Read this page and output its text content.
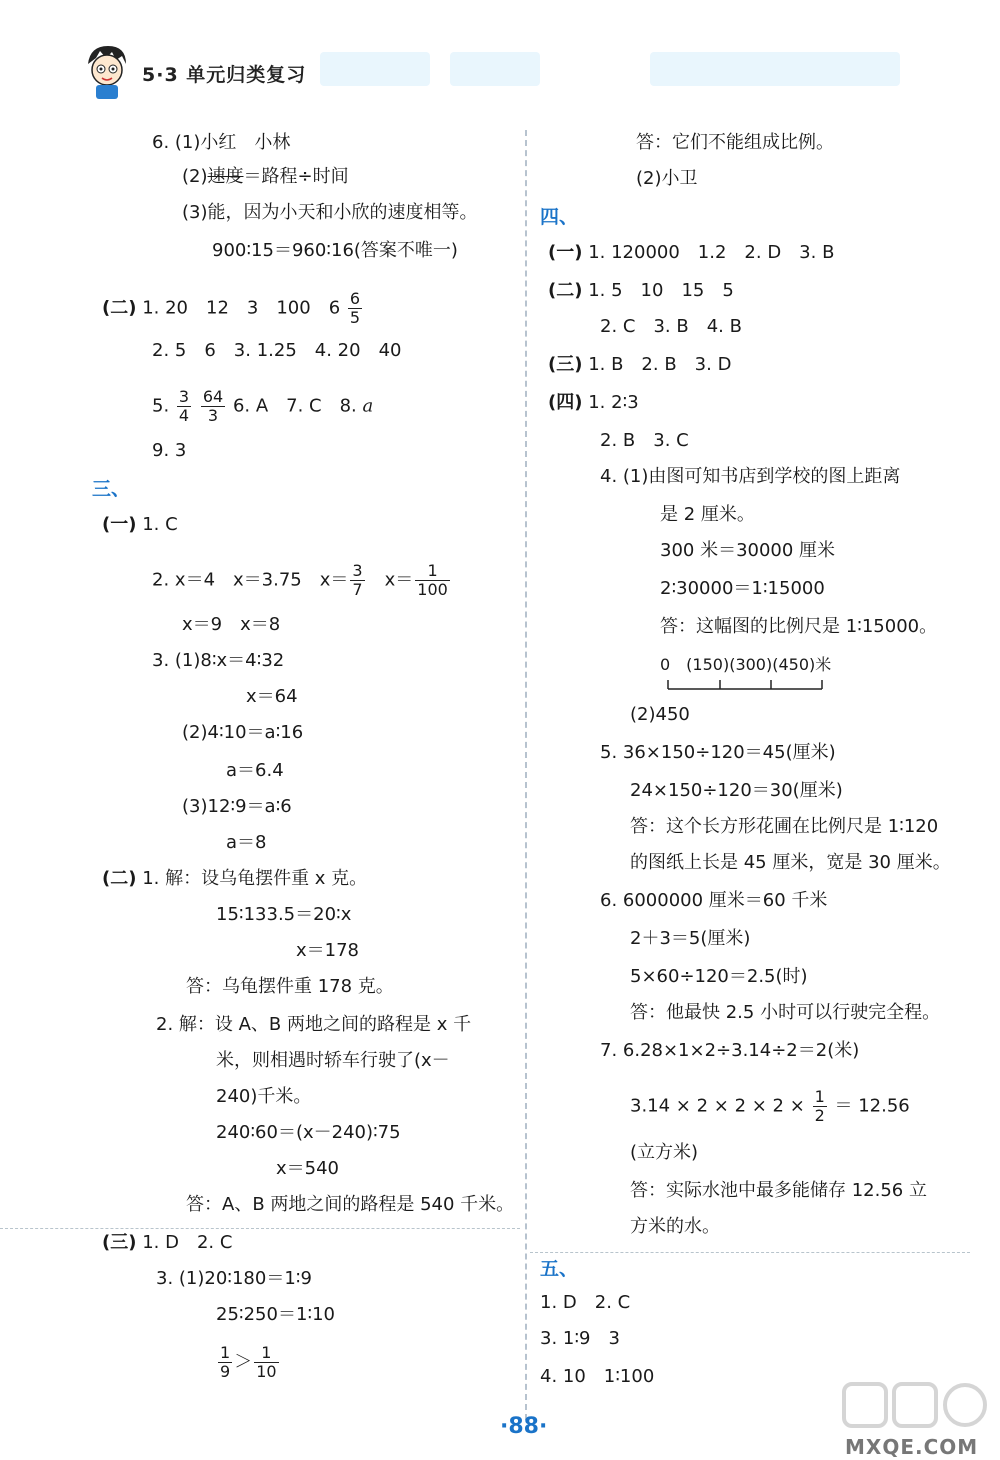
5·3 单元归类复习
6. (1)小红　小林
(2)速度＝路程÷时间
(3)能，因为小天和小欣的速度相等。
900∶15＝960∶16(答案不唯一)
(二) 1. 20　12　3　100　$6 \frac{6}{5}$
2. 5　6　3. 1.25　4. 20　40
5. $\frac{3}{4}$
$\frac{64}{3} 6$. A　7. C　8. a
9. 3
三、
(一) 1. C
2. x＝4　x＝3.75　$x= \frac{3}{7}$
　 $x= \frac{1}{100}$
x＝9　x＝8
3. (1)8∶x＝4∶32
x＝64
(2)4∶10＝a∶16
a＝6.4
(3)12∶9＝a∶6
a＝8
(二) 1. 解：设乌龟摆件重 x 克。
15∶133.5＝20∶x
x＝178
答：乌龟摆件重 178 克。
2. 解：设 A、B 两地之间的路程是 x 千
米，则相遇时轿车行驶了(x－
240)千米。
240∶60＝(x－240)∶75
x＝540
答：A、B 两地之间的路程是 540 千米。
(三) 1. D　2. C
3. (1)20∶180＝1∶9
25∶250＝1∶10
$\frac{1}{9} > \frac{1}{10}$
答：它们不能组成比例。
(2)小卫
四、
(一) 1. 120000　1.2　2. D　3. B
(二) 1. 5　10　15　5
2. C　3. B　4. B
(三) 1. B　2. B　3. D
(四) 1. 2∶3
2. B　3. C
4. (1)由图可知书店到学校的图上距离
是 2 厘米。
300 米＝30000 厘米
2∶30000＝1∶15000
答：这幅图的比例尺是 1∶15000。
0　(150)(300)(450)米
(2)450
5. 36×150÷120＝45(厘米)
24×150÷120＝30(厘米)
答：这个长方形花圃在比例尺是 1∶120
的图纸上长是 45 厘米，宽是 30 厘米。
6. 6000000 厘米＝60 千米
2＋3＝5(厘米)
5×60÷120＝2.5(时)
答：他最快 2.5 小时可以行驶完全程。
7. 6.28×1×2÷3.14÷2＝2(米)
$3.14 \times 2 \times 2 \times 2 \times \frac{1}{2} = 12.56$
(立方米)
答：实际水池中最多能储存 12.56 立
方米的水。
五、
1. D　2. C
3. 1∶9　3
4. 10　1∶100
·88·
MXQE.COM
